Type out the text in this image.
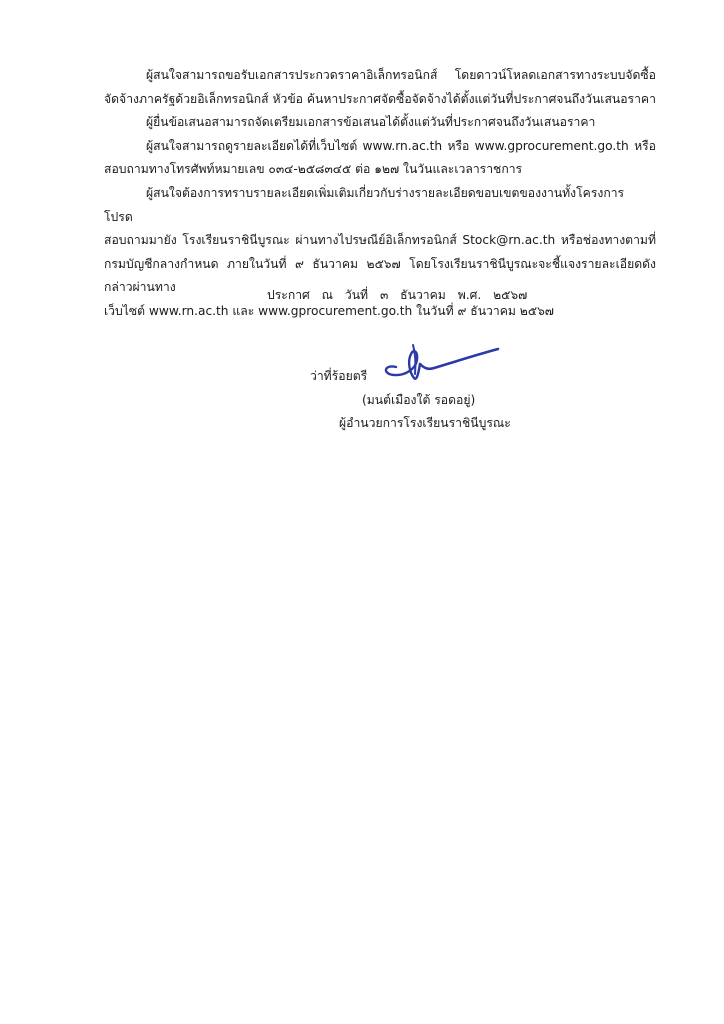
ผู้สนใจสามารถขอรับเอกสารประกวดราคาอิเล็กทรอนิกส์ โดยดาวน์โหลดเอกสารทางระบบจัดซื้อ
จัดจ้างภาครัฐด้วยอิเล็กทรอนิกส์ หัวข้อ ค้นหาประกาศจัดซื้อจัดจ้างได้ตั้งแต่วันที่ประกาศจนถึงวันเสนอราคา

ผู้ยื่นข้อเสนอสามารถจัดเตรียมเอกสารข้อเสนอได้ตั้งแต่วันที่ประกาศจนถึงวันเสนอราคา

ผู้สนใจสามารถดูรายละเอียดได้ที่เว็บไซต์ www.rn.ac.th หรือ www.gprocurement.go.th หรือ
สอบถามทางโทรศัพท์หมายเลข ๐๓๔-๒๕๘๓๔๕ ต่อ ๑๒๗ ในวันและเวลาราชการ

ผู้สนใจต้องการทราบรายละเอียดเพิ่มเติมเกี่ยวกับร่างรายละเอียดขอบเขตของงานทั้งโครงการ โปรด
สอบถามมายัง โรงเรียนราชินีบูรณะ ผ่านทางไปรษณีย์อิเล็กทรอนิกส์ Stock@rn.ac.th หรือช่องทางตามที่
กรมบัญชีกลางกำหนด ภายในวันที่ ๙ ธันวาคม ๒๕๖๗ โดยโรงเรียนราชินีบูรณะจะชี้แจงรายละเอียดดังกล่าวผ่านทาง
เว็บไซต์ www.rn.ac.th และ www.gprocurement.go.th ในวันที่ ๙ ธันวาคม ๒๕๖๗

ประกาศ ณ วันที่ ๓ ธันวาคม พ.ศ. ๒๕๖๗
ว่าที่ร้อยตรี
(มนต์เมืองใต้ รอดอยู่)
ผู้อำนวยการโรงเรียนราชินีบูรณะ
